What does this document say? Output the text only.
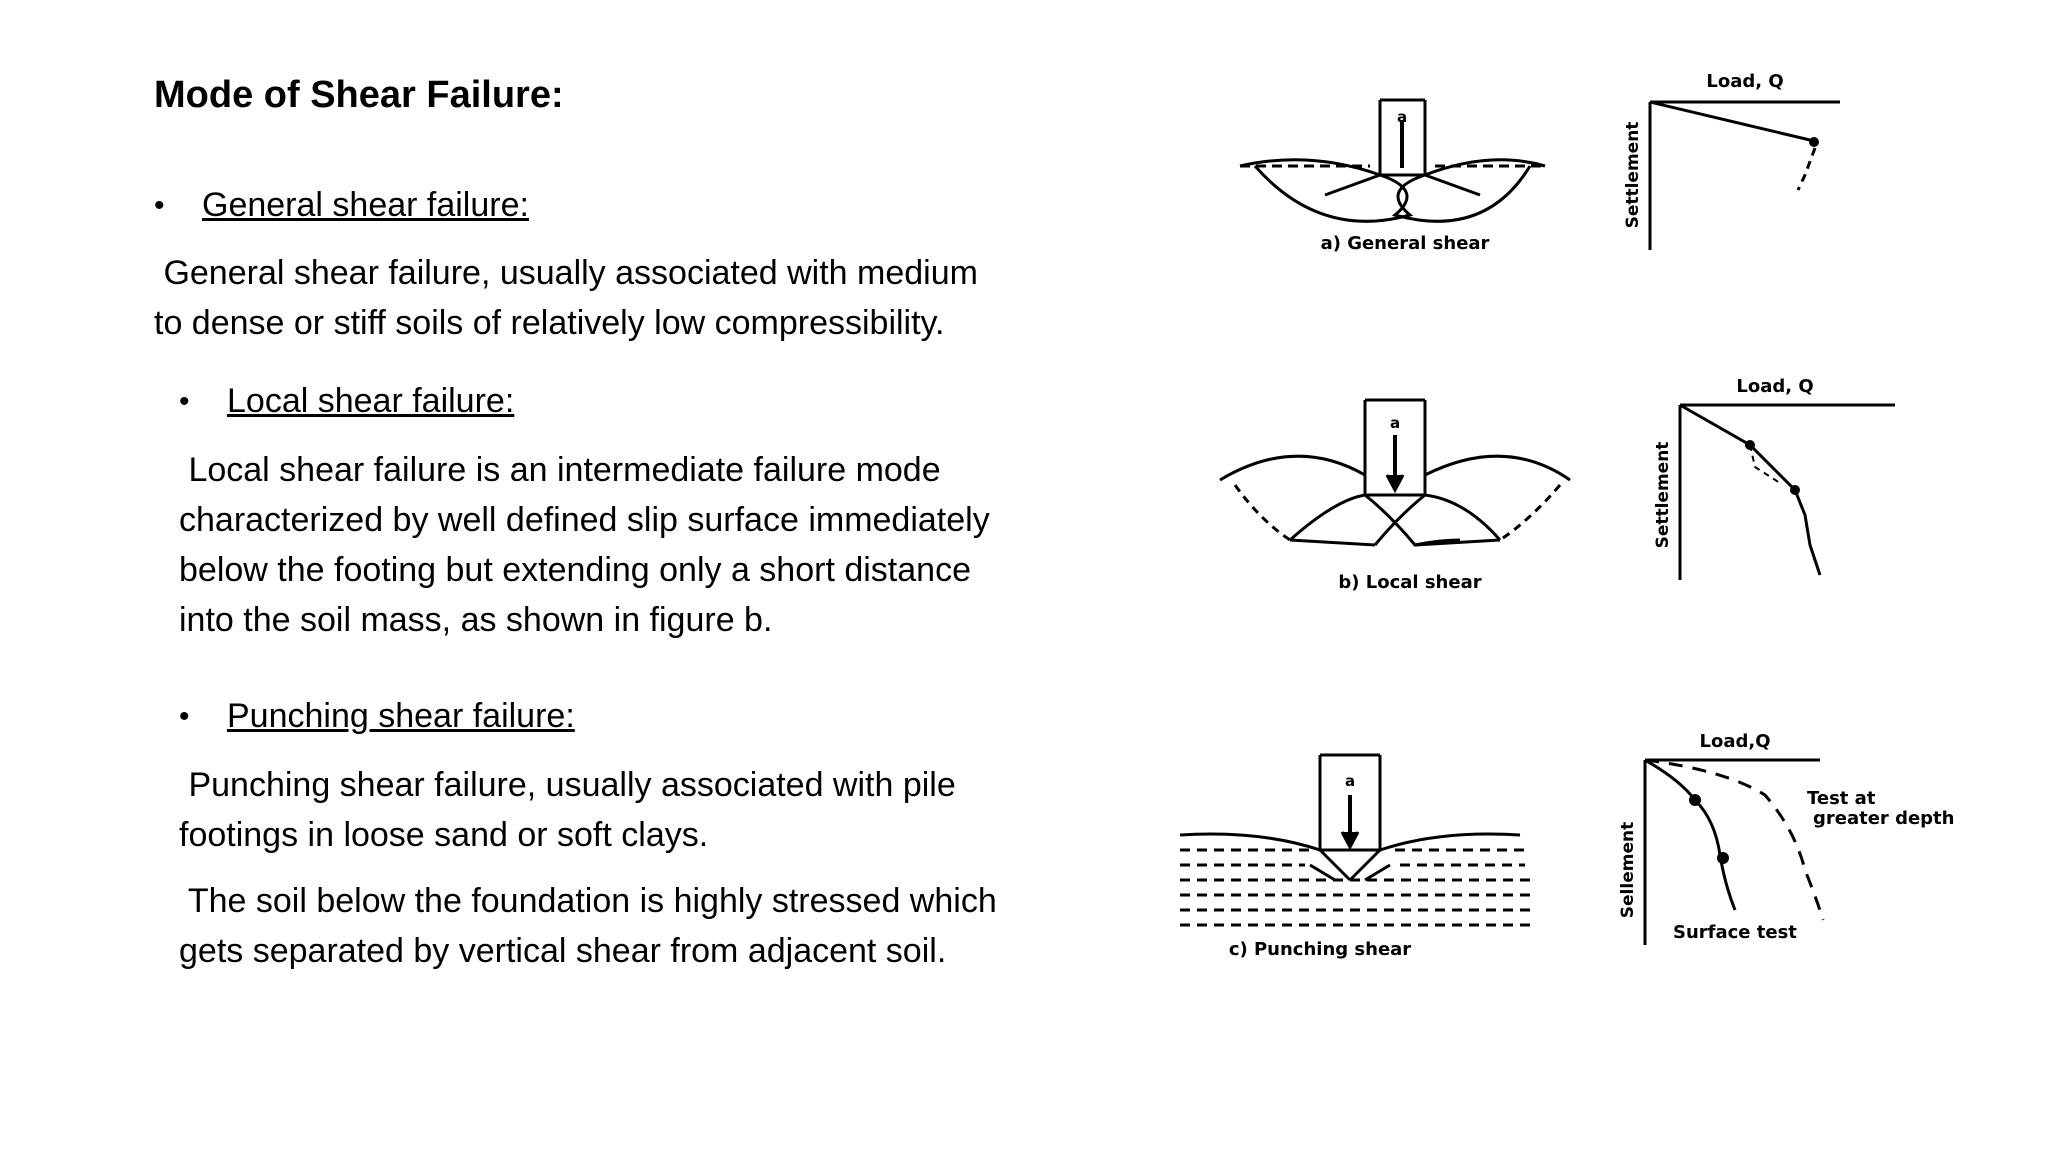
Mode of Shear Failure:
•	General shear failure:

General shear failure, usually associated with medium
to dense or stiff soils of relatively low compressibility.

•	Local shear failure:

Local shear failure is an intermediate failure mode
characterized by well defined slip surface immediately
below the footing but extending only a short distance
into the soil mass, as shown in figure b.

•	Punching shear failure:

Punching shear failure, usually associated with pile
footings in loose sand or soft clays.

The soil below the foundation is highly stressed which
gets separated by vertical shear from adjacent soil.

a
a) General shear
Load, Q
Settlement
a
b) Local shear
Load, Q
Settlement
a
c) Punching shear
Load,Q
Sellement
Test at
greater depth
Surface test
